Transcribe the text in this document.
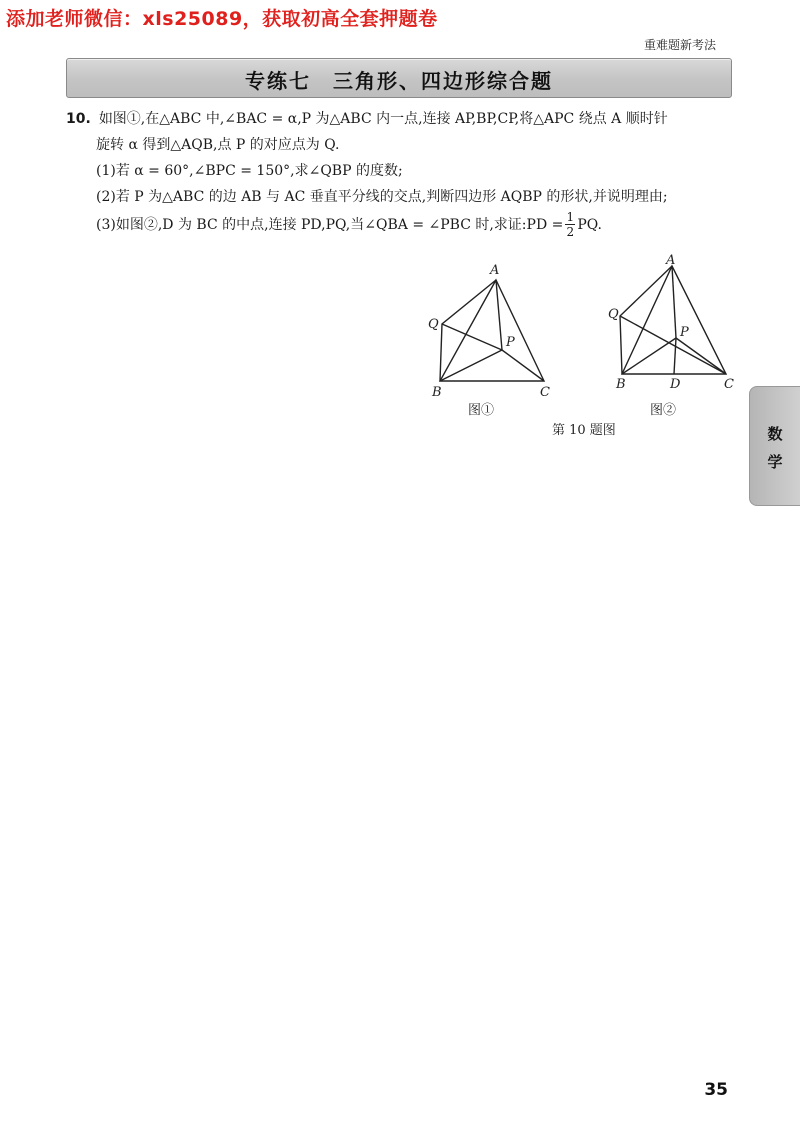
添加老师微信：xls25089，获取初高全套押题卷
重难题新考法
专练七　三角形、四边形综合题
10. 如图①,在△ABC 中,∠BAC = α,P 为△ABC 内一点,连接 AP,BP,CP,将△APC 绕点 A 顺时针
旋转 α 得到△AQB,点 P 的对应点为 Q.
(1)若 α = 60°,∠BPC = 150°,求∠QBP 的度数;
(2)若 P 为△ABC 的边 AB 与 AC 垂直平分线的交点,判断四边形 AQBP 的形状,并说明理由;
(3)如图②,D 为 BC 的中点,连接 PD,PQ,当∠QBA = ∠PBC 时,求证:PD = $\frac{1}{2}$ PQ.
A
Q
P
B	C
图①
A
Q
P
B	D	C
图②
第 10 题图	数
学
35
